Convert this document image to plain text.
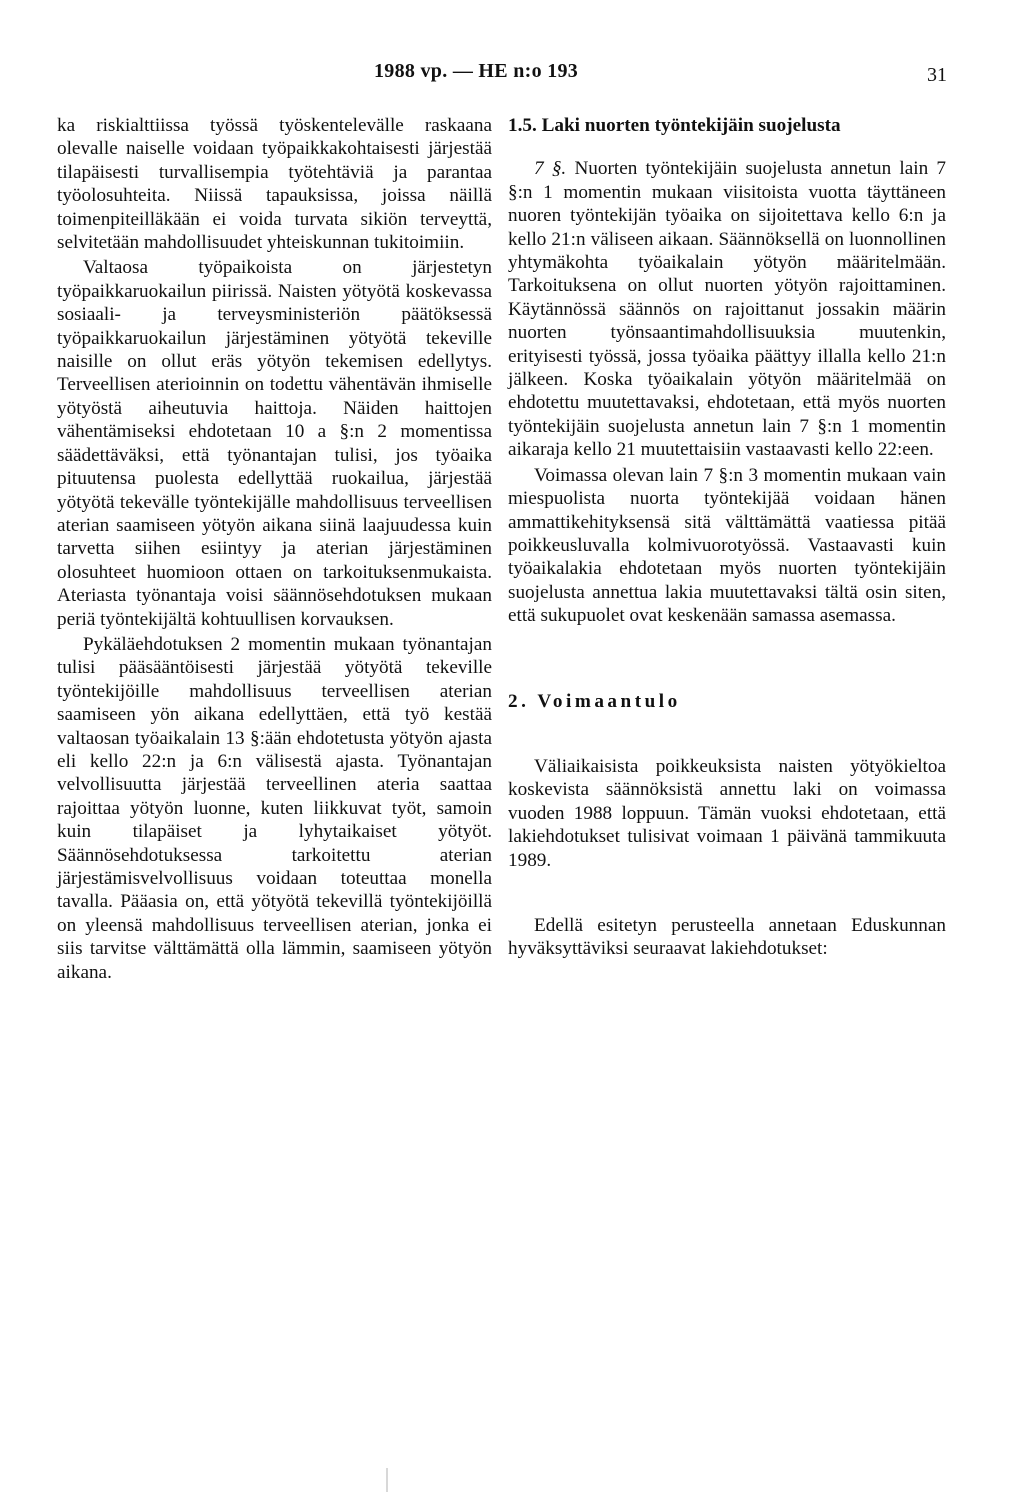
1988 vp. — HE n:o 193	31

ka riskialttiissa työssä työskentelevälle raskaana olevalle naiselle voidaan työpaikkakohtaisesti järjestää tilapäisesti turvallisempia työtehtäviä ja parantaa työolosuhteita. Niissä tapauksissa, joissa näillä toimenpiteilläkään ei voida turvata sikiön terveyttä, selvitetään mahdollisuudet yhteiskunnan tukitoimiin.

Valtaosa työpaikoista on järjestetyn työpaikkaruokailun piirissä. Naisten yötyötä koskevassa sosiaali- ja terveysministeriön päätöksessä työpaikkaruokailun järjestäminen yötyötä tekeville naisille on ollut eräs yötyön tekemisen edellytys. Terveellisen aterioinnin on todettu vähentävän ihmiselle yötyöstä aiheutuvia haittoja. Näiden haittojen vähentämiseksi ehdotetaan 10 a §:n 2 momentissa säädettäväksi, että työnantajan tulisi, jos työaika pituutensa puolesta edellyttää ruokailua, järjestää yötyötä tekevälle työntekijälle mahdollisuus terveellisen aterian saamiseen yötyön aikana siinä laajuudessa kuin tarvetta siihen esiintyy ja aterian järjestäminen olosuhteet huomioon ottaen on tarkoituksenmukaista. Ateriasta työnantaja voisi säännösehdotuksen mukaan periä työntekijältä kohtuullisen korvauksen.

Pykäläehdotuksen 2 momentin mukaan työnantajan tulisi pääsääntöisesti järjestää yötyötä tekeville työntekijöille mahdollisuus terveellisen aterian saamiseen yön aikana edellyttäen, että työ kestää valtaosan työaikalain 13 §:ään ehdotetusta yötyön ajasta eli kello 22:n ja 6:n välisestä ajasta. Työnantajan velvollisuutta järjestää terveellinen ateria saattaa rajoittaa yötyön luonne, kuten liikkuvat työt, samoin kuin tilapäiset ja lyhytaikaiset yötyöt. Säännösehdotuksessa tarkoitettu aterian järjestämisvelvollisuus voidaan toteuttaa monella tavalla. Pääasia on, että yötyötä tekevillä työntekijöillä on yleensä mahdollisuus terveellisen aterian, jonka ei siis tarvitse välttämättä olla lämmin, saamiseen yötyön aikana.

1.5. Laki nuorten työntekijäin suojelusta

7 §. Nuorten työntekijäin suojelusta annetun lain 7 §:n 1 momentin mukaan viisitoista vuotta täyttäneen nuoren työntekijän työaika on sijoitettava kello 6:n ja kello 21:n väliseen aikaan. Säännöksellä on luonnollinen yhtymäkohta työaikalain yötyön määritelmään. Tarkoituksena on ollut nuorten yötyön rajoittaminen. Käytännössä säännös on rajoittanut jossakin määrin nuorten työnsaantimahdollisuuksia muutenkin, erityisesti työssä, jossa työaika päättyy illalla kello 21:n jälkeen. Koska työaikalain yötyön määritelmää on ehdotettu muutettavaksi, ehdotetaan, että myös nuorten työntekijäin suojelusta annetun lain 7 §:n 1 momentin aikaraja kello 21 muutettaisiin vastaavasti kello 22:een.

Voimassa olevan lain 7 §:n 3 momentin mukaan vain miespuolista nuorta työntekijää voidaan hänen ammattikehityksensä sitä välttämättä vaatiessa pitää poikkeusluvalla kolmivuorotyössä. Vastaavasti kuin työaikalakia ehdotetaan myös nuorten työntekijäin suojelusta annettua lakia muutettavaksi tältä osin siten, että sukupuolet ovat keskenään samassa asemassa.

2. Voimaantulo

Väliaikaisista poikkeuksista naisten yötyökieltoa koskevista säännöksistä annettu laki on voimassa vuoden 1988 loppuun. Tämän vuoksi ehdotetaan, että lakiehdotukset tulisivat voimaan 1 päivänä tammikuuta 1989.

Edellä esitetyn perusteella annetaan Eduskunnan hyväksyttäviksi seuraavat lakiehdotukset:
